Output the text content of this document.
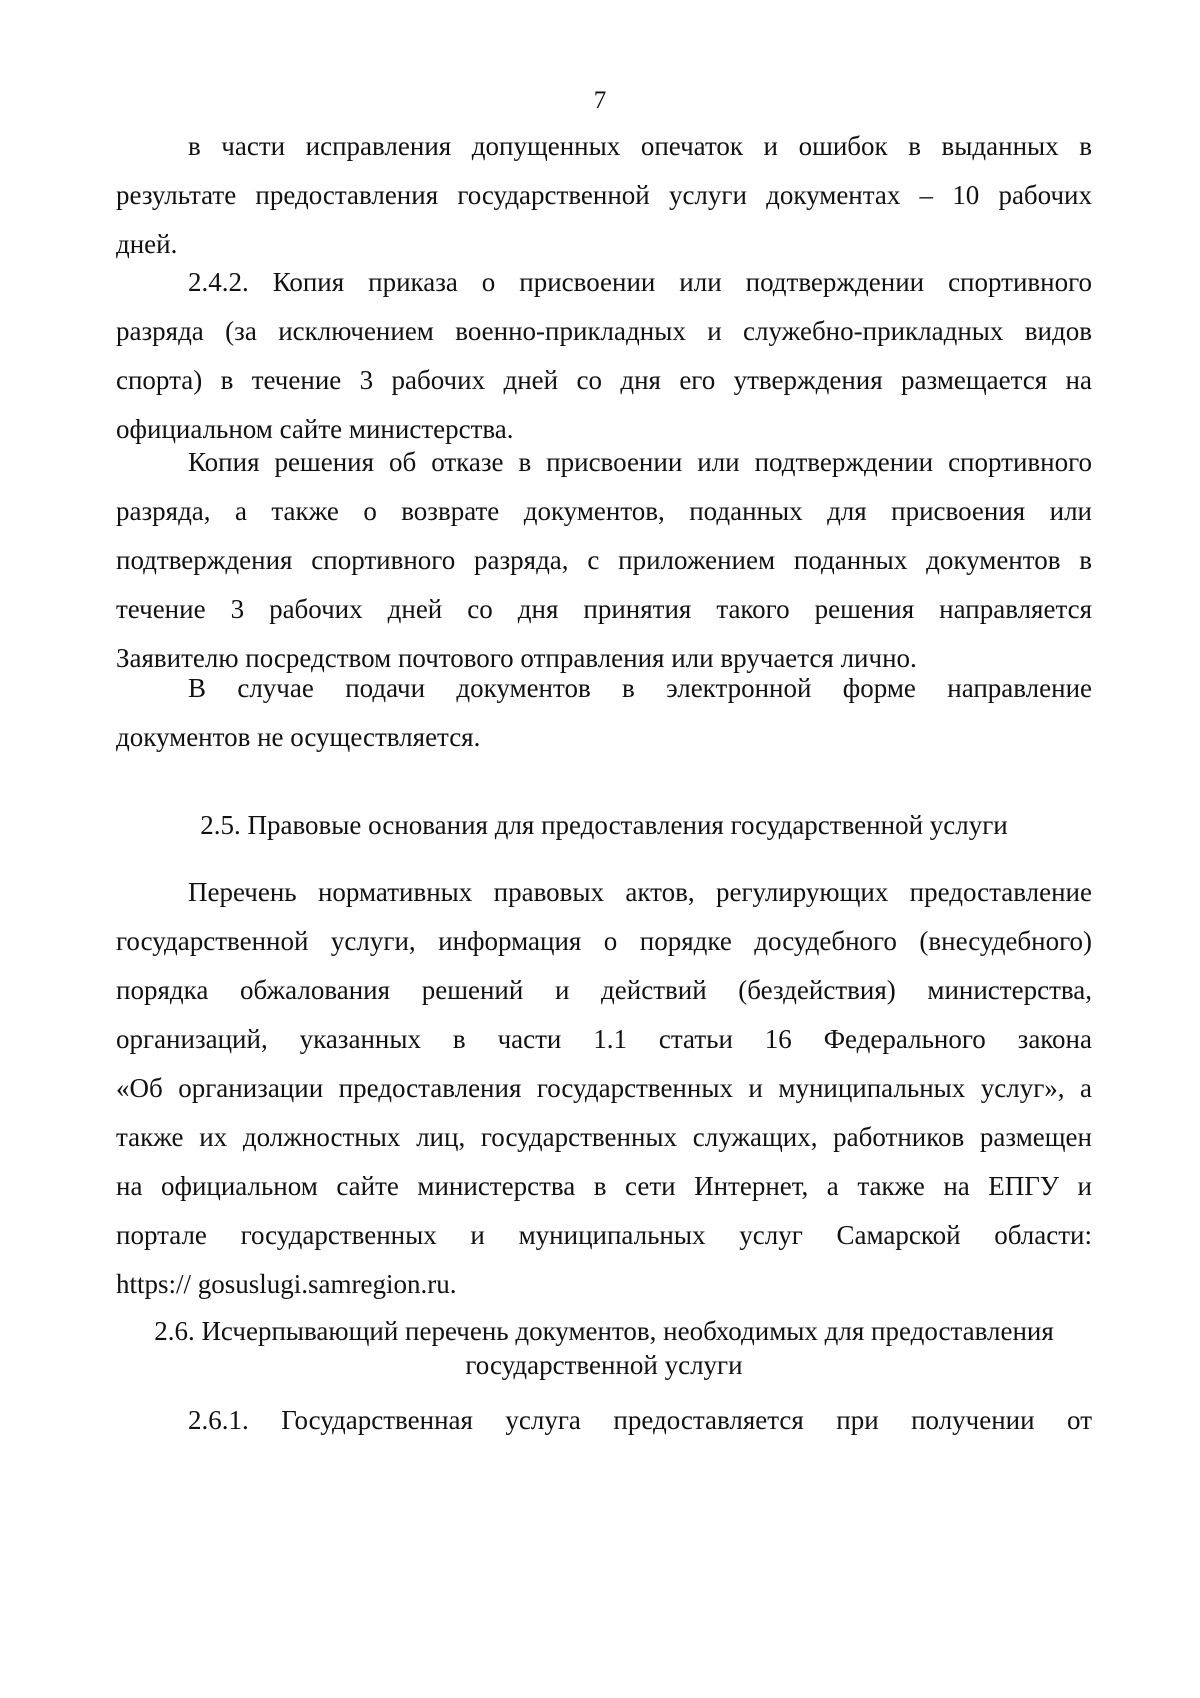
7
в части исправления допущенных опечаток и ошибок в выданных в
результате предоставления государственной услуги документах – 10 рабочих
дней.
2.4.2. Копия приказа о присвоении или подтверждении спортивного
разряда (за исключением военно-прикладных и служебно-прикладных видов
спорта) в течение 3 рабочих дней со дня его утверждения размещается на
официальном сайте министерства.
Копия решения об отказе в присвоении или подтверждении спортивного
разряда, а также о возврате документов, поданных для присвоения или
подтверждения спортивного разряда, с приложением поданных документов в
течение 3 рабочих дней со дня принятия такого решения направляется
Заявителю посредством почтового отправления или вручается лично.
В случае подачи документов в электронной форме направление
документов не осуществляется.
2.5. Правовые основания для предоставления государственной услуги
Перечень нормативных правовых актов, регулирующих предоставление
государственной услуги, информация о порядке досудебного (внесудебного)
порядка обжалования решений и действий (бездействия) министерства,
организаций, указанных в части 1.1 статьи 16 Федерального закона
«Об организации предоставления государственных и муниципальных услуг», а
также их должностных лиц, государственных служащих, работников размещен
на официальном сайте министерства в сети Интернет, а также на ЕПГУ и
портале государственных и муниципальных услуг Самарской области:
https:// gosuslugi.samregion.ru.
2.6. Исчерпывающий перечень документов, необходимых для предоставления
государственной услуги
2.6.1. Государственная услуга предоставляется при получении от
